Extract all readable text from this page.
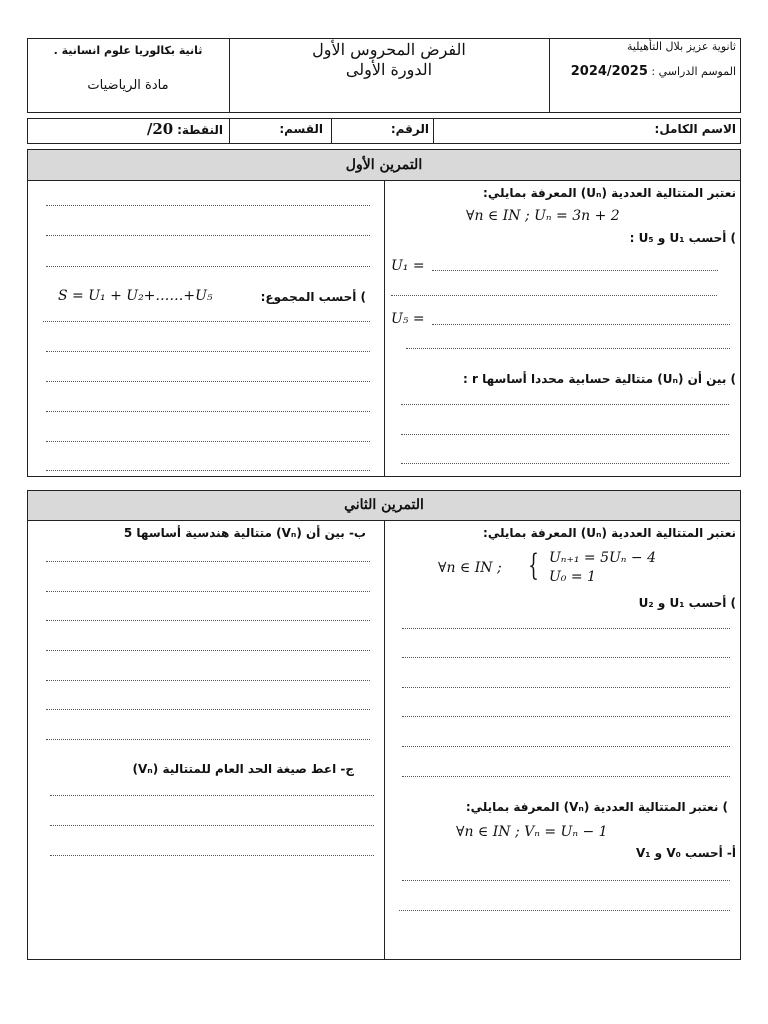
ثانوية عزيز بلال التأهيلية
الموسم الدراسي : 2024/2025
الفرض المحروس الأول
الدورة الأولى
ثانية بكالوريا علوم انسانية .
مادة الرياضيات
الاسم الكامل:
الرقم:
القسم:
النقطة: 20/
التمرين الأول
نعتبر المتتالية العددية (Uₙ) المعرفة بمايلي:
∀n ∈ IN ; Uₙ = 3n + 2
) أحسب U₁ و U₅ :
U₁ =
U₅ =
) بين أن (Uₙ) متتالية حسابية محددا أساسها r :
) أحسب المجموع:
S = U₁ + U₂+……+U₅
التمرين الثاني
نعتبر المتتالية العددية (Uₙ) المعرفة بمايلي:
∀n ∈ IN ; { Uₙ₊₁ = 5Uₙ − 4
U₀ = 1
) أحسب U₁ و U₂
) نعتبر المتتالية العددية (Vₙ) المعرفة بمايلي:
∀n ∈ IN ; Vₙ = Uₙ − 1
أ- أحسب V₀ و V₁
ب- بين أن (Vₙ) متتالية هندسية أساسها 5
ج- اعط صيغة الحد العام للمتتالية (Vₙ)
